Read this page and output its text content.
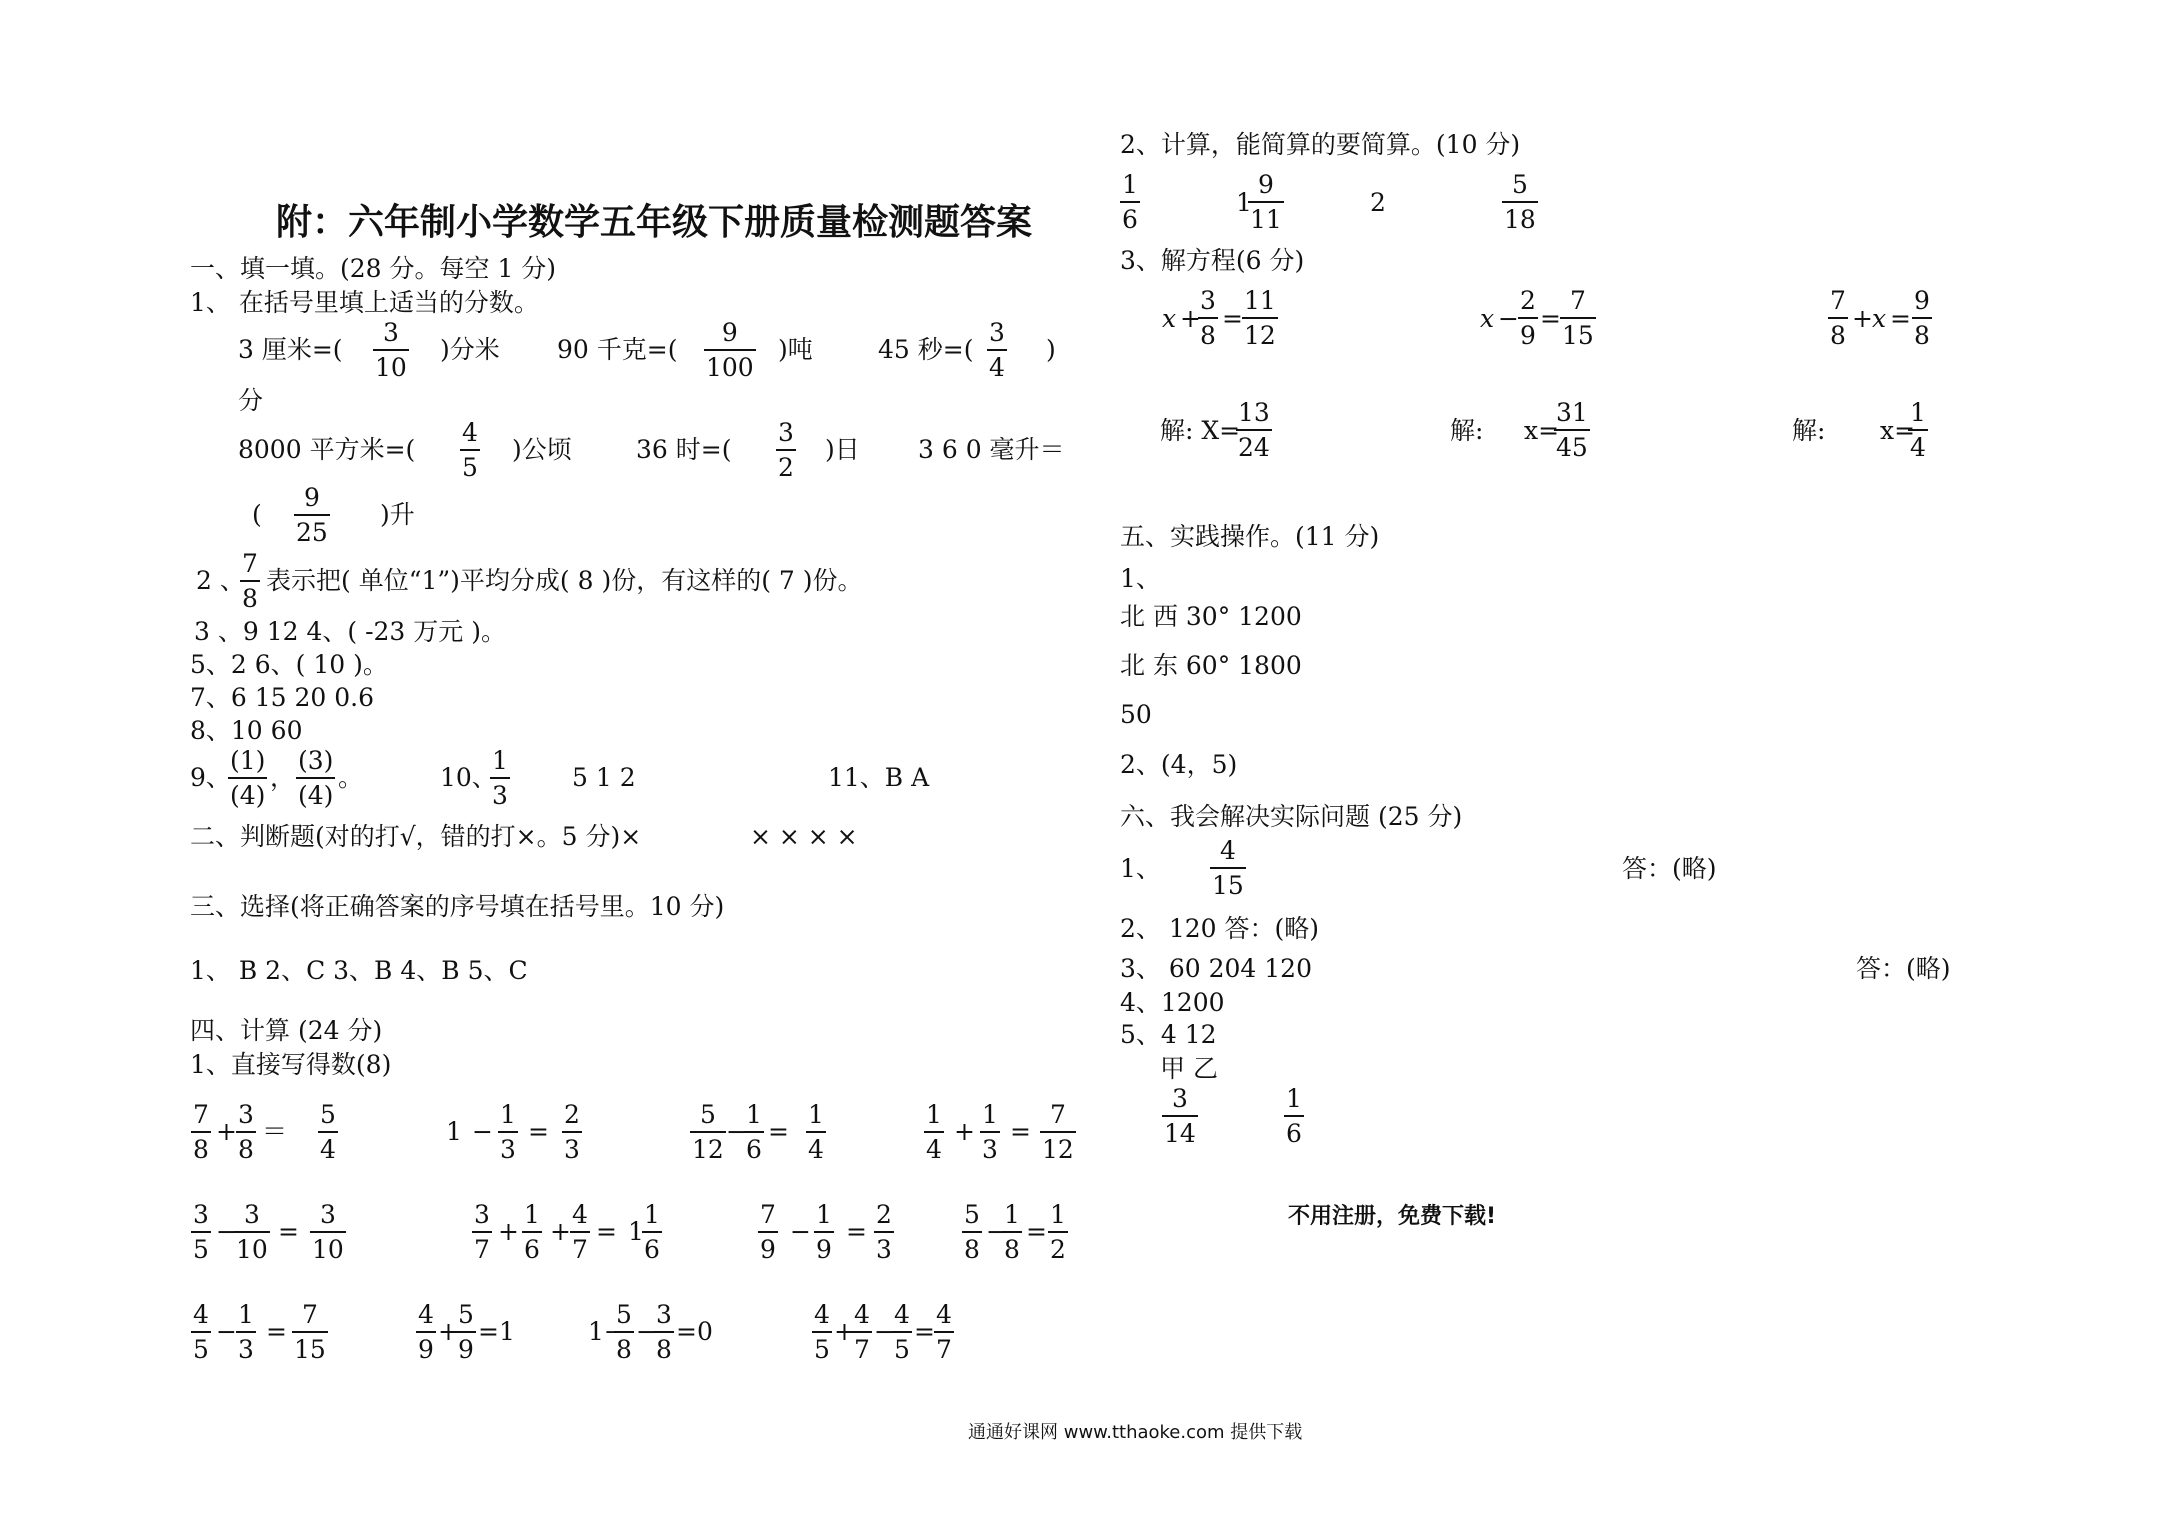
附：六年制小学数学五年级下册质量检测题答案
一、填一填。(28 分。每空 1 分)
1、 在括号里填上适当的分数。
3 厘米=(
3
10
)分米 90 千克=(
9
100
)吨	45 秒=(
3
4
)
分
8000 平方米=(
4
5
)公顷	36 时=(
3
2
)日 3 6 0 毫升＝
(
9
25
)升
2 、
7
8
表示把( 单位“1”)平均分成( 8 )份，有这样的( 7 )份。
3 、9 12 4、( -23 万元 )。
5、2 6、( 10 )。
7、6 15 20 0.6
8、10 60
9、
(1)
(4)
，
(3)
(4)
。	10、
1
3
5 1 2	11、B A
二、判断题(对的打√，错的打×。5 分)×	× × × ×
三、选择(将正确答案的序号填在括号里。10 分)
1、 B 2、C 3、B 4、B 5、C
四、计算 (24 分)
1、直接写得数(8)
7
8
+
3
8
＝
5
4
1 −
1
3
=
2
3
5
12
−
1
6
=
1
4
1
4
+
1
3
=
7
12
3
5
−
3
10
=
3
10
3
7
+
1
6
+
4
7
= 1
1
6
7
9
−
1
9
=
2
3
5
8
−
1
8
=
1
2
4
5
−
1
3
=
7
15
4
9
+
5
9
=1	1−
5
8
−
3
8
=0
4
5
+
4
7
−
4
5
=
4
7
2、计算，能简算的要简算。(10 分)
1
6
1
9
11
2
5
18
3、解方程(6 分)
x +
3
8
=
11
12
x −
2
9
=
7
15
7
8
+ x =
9
8
解: X=
13
24
解: x=
31
45
解: x=
1
4
五、实践操作。(11 分)
1、
北 西 30° 1200
北 东 60° 1800
50
2、(4，5)
六、我会解决实际问题 (25 分)
1、
4
15
答：(略)
2、 120 答：(略)
3、 60 204 120	答：(略)
4、1200
5、4 12
甲 乙
3
14
1
6
不用注册，免费下载!
通通好课网 www.tthaoke.com 提供下载
